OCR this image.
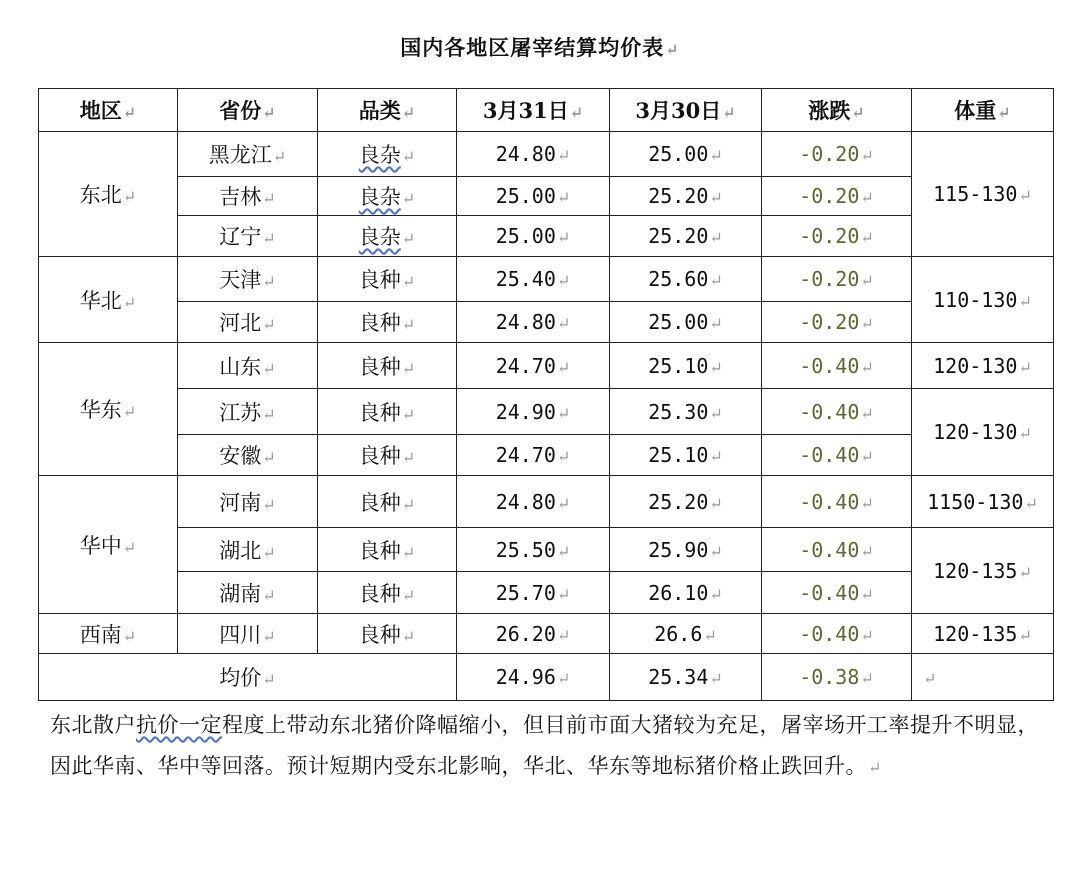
国内各地区屠宰结算均价表↵
地区↵	省份↵	品类↵	3月31日↵	3月30日↵	涨跌↵	体重↵
东北↵	黑龙江↵	良杂↵	24.80↵	25.00↵	-0.20↵	115-130↵
	吉林↵	良杂↵	25.00↵	25.20↵	-0.20↵	
	辽宁↵	良杂↵	25.00↵	25.20↵	-0.20↵	
华北↵	天津↵	良种↵	25.40↵	25.60↵	-0.20↵	110-130↵
	河北↵	良种↵	24.80↵	25.00↵	-0.20↵	
华东↵	山东↵	良种↵	24.70↵	25.10↵	-0.40↵	120-130↵
	江苏↵	良种↵	24.90↵	25.30↵	-0.40↵	120-130↵
	安徽↵	良种↵	24.70↵	25.10↵	-0.40↵	
华中↵	河南↵	良种↵	24.80↵	25.20↵	-0.40↵	1150-130↵
	湖北↵	良种↵	25.50↵	25.90↵	-0.40↵	120-135↵
	湖南↵	良种↵	25.70↵	26.10↵	-0.40↵	
西南↵	四川↵	良种↵	26.20↵	26.6↵	-0.40↵	120-135↵
均价↵			24.96↵	25.34↵	-0.38↵	↵
东北散户抗价一定程度上带动东北猪价降幅缩小，但目前市面大猪较为充足，屠宰场开工率提升不明显，因此华南、华中等回落。预计短期内受东北影响，华北、华东等地标猪价格止跌回升。↵
